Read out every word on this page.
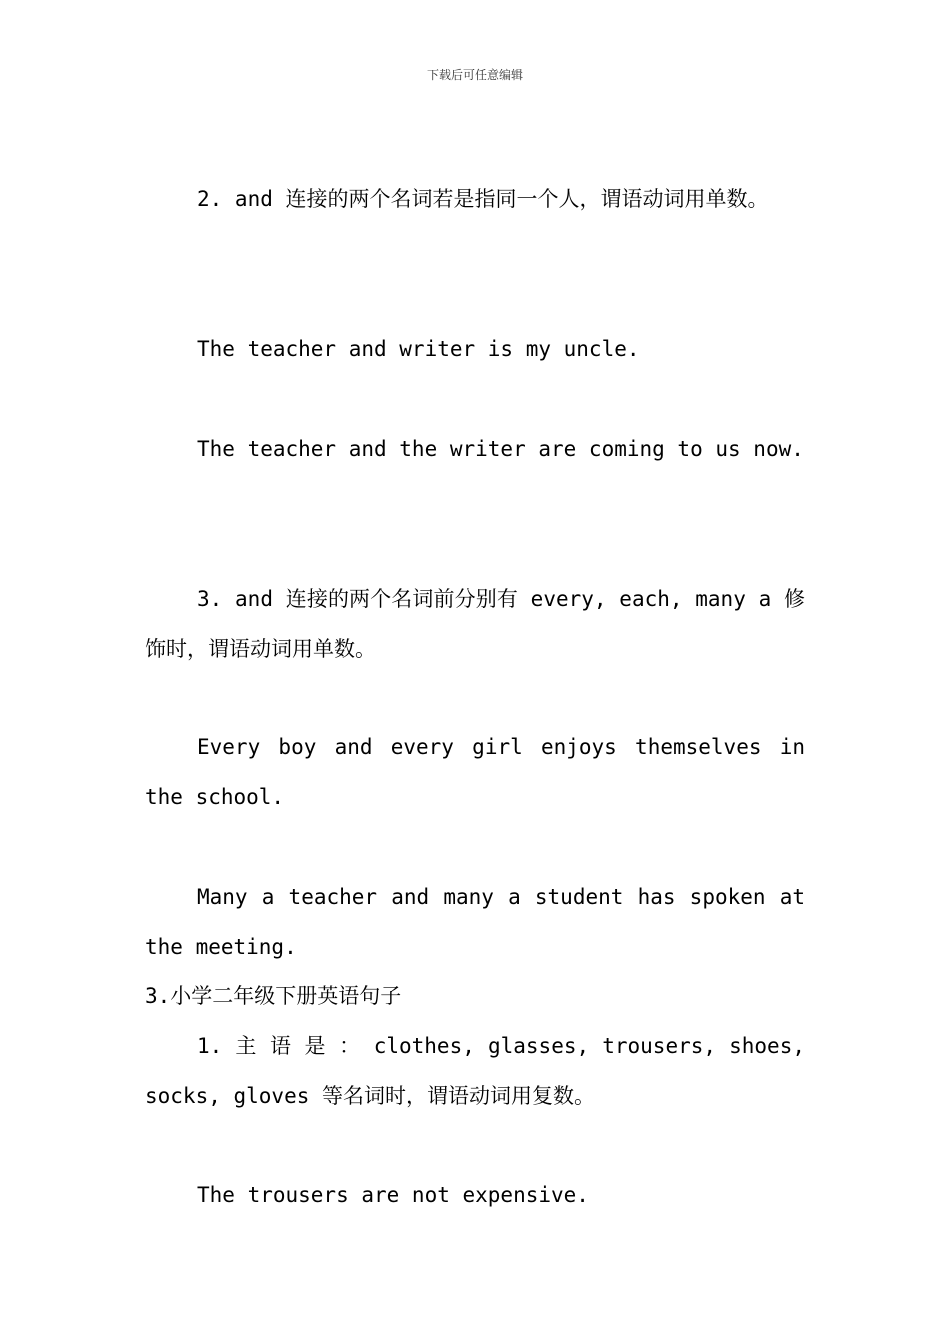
下载后可任意编辑
2. and 连接的两个名词若是指同一个人，谓语动词用单数。
The teacher and writer is my uncle.
The teacher and the writer are coming to us now.
3. and 连接的两个名词前分别有 every, each, many a 修饰时，谓语动词用单数。
Every boy and every girl enjoys themselves in the school.
Many a teacher and many a student has spoken at the meeting.
3.小学二年级下册英语句子
1. 主 语 是 ： clothes, glasses, trousers, shoes, socks, gloves 等名词时，谓语动词用复数。
The trousers are not expensive.
